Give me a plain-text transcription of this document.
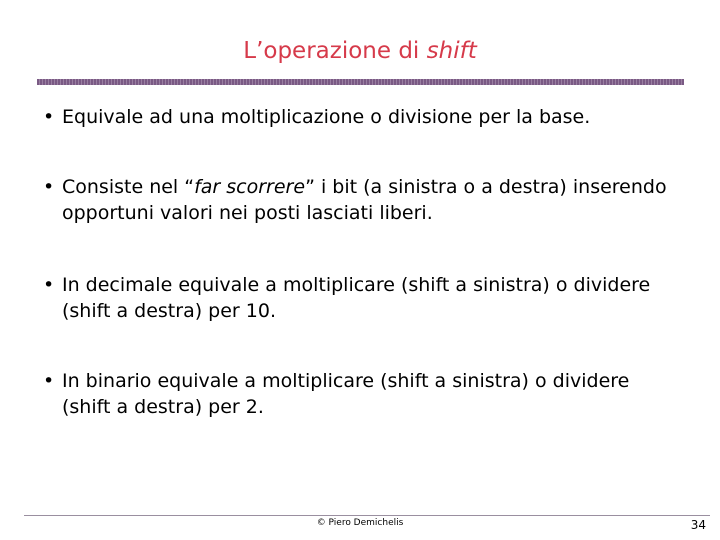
L’operazione di shift
• Equivale ad una moltiplicazione o divisione per la base.
• Consiste nel “far scorrere” i bit (a sinistra o a destra) inserendo opportuni valori nei posti lasciati liberi.
• In decimale equivale a moltiplicare (shift a sinistra) o dividere (shift a destra) per 10.
• In binario equivale a moltiplicare (shift a sinistra) o dividere (shift a destra) per 2.
© Piero Demichelis	34
